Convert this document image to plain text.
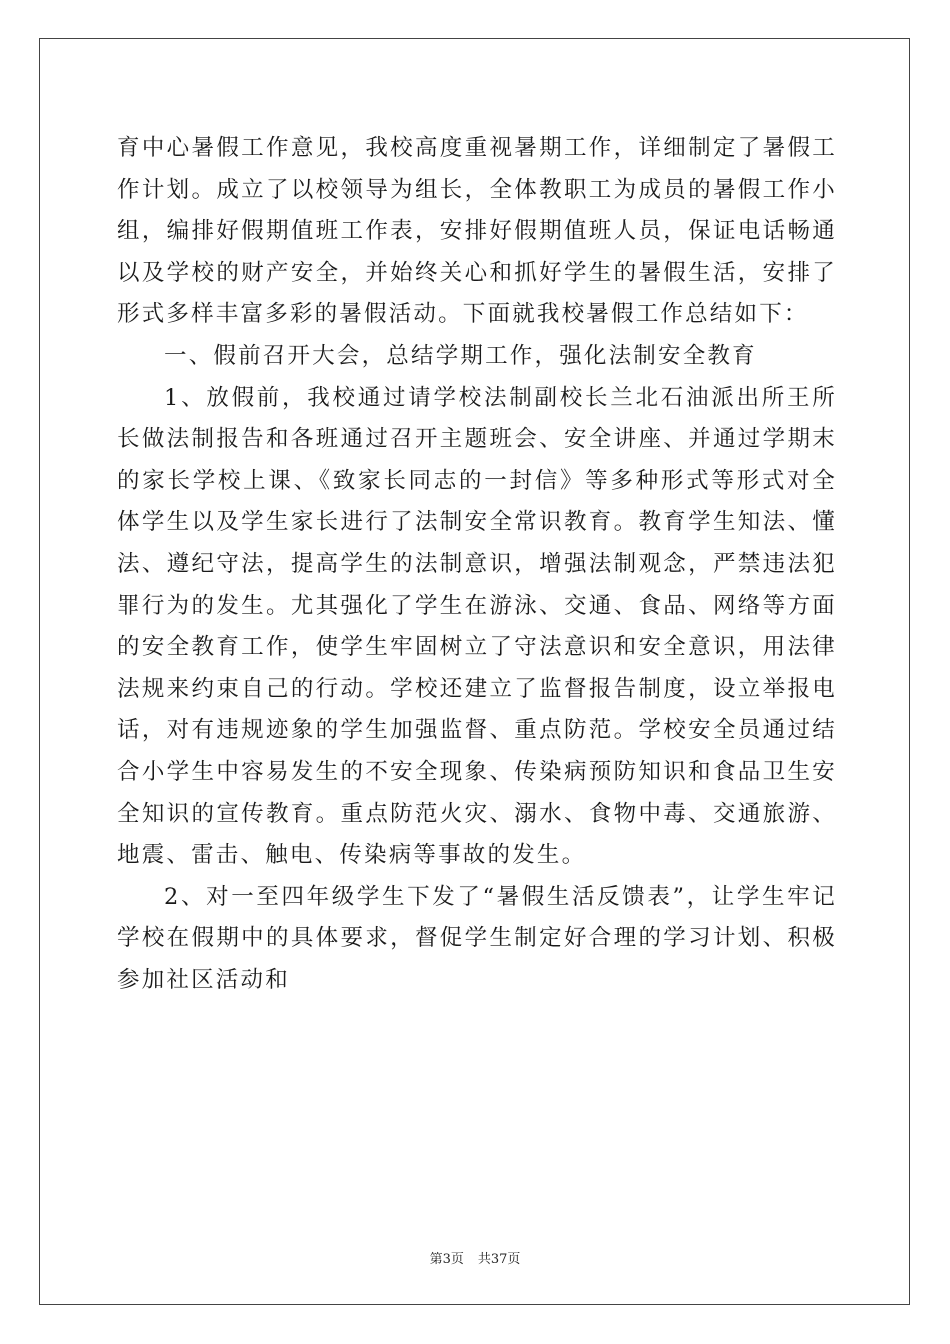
育中心暑假工作意见，我校高度重视暑期工作，详细制定了暑假工作计划。成立了以校领导为组长，全体教职工为成员的暑假工作小组，编排好假期值班工作表，安排好假期值班人员，保证电话畅通以及学校的财产安全，并始终关心和抓好学生的暑假生活，安排了形式多样丰富多彩的暑假活动。下面就我校暑假工作总结如下：

一、假前召开大会，总结学期工作，强化法制安全教育

1、放假前，我校通过请学校法制副校长兰北石油派出所王所长做法制报告和各班通过召开主题班会、安全讲座、并通过学期末的家长学校上课、《致家长同志的一封信》等多种形式等形式对全体学生以及学生家长进行了法制安全常识教育。教育学生知法、懂法、遵纪守法，提高学生的法制意识，增强法制观念，严禁违法犯罪行为的发生。尤其强化了学生在游泳、交通、食品、网络等方面的安全教育工作，使学生牢固树立了守法意识和安全意识，用法律法规来约束自己的行动。学校还建立了监督报告制度，设立举报电话，对有违规迹象的学生加强监督、重点防范。学校安全员通过结合小学生中容易发生的不安全现象、传染病预防知识和食品卫生安全知识的宣传教育。重点防范火灾、溺水、食物中毒、交通旅游、地震、雷击、触电、传染病等事故的发生。

2、对一至四年级学生下发了“暑假生活反馈表”，让学生牢记学校在假期中的具体要求，督促学生制定好合理的学习计划、积极参加社区活动和

第3页 共37页
